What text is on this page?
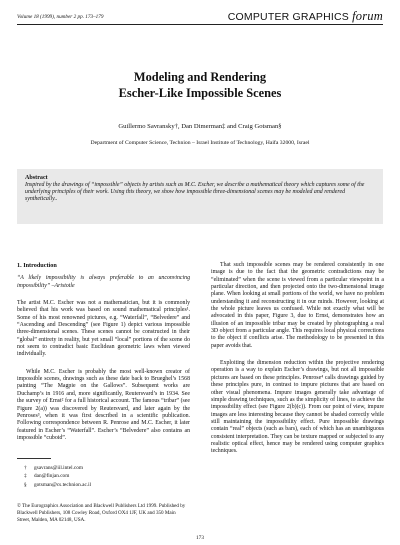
Volume 18 (1999), number 2 pp. 173–179	COMPUTER GRAPHICS forum
Modeling and Rendering
Escher-Like Impossible Scenes
Guillermo Savransky†, Dan Dimerman‡ and Craig Gotsman§
Department of Computer Science, Technion – Israel Institute of Technology, Haifa 32000, Israel
Abstract
Inspired by the drawings of “impossible” objects by artists such as M.C. Escher, we describe a mathematical theory which captures some of the underlying principles of their work. Using this theory, we show how impossible three-dimensional scenes may be modeled and rendered synthetically..

1. Introduction

“A likely impossibility is always preferable to an unconvincing impossibility” –Aristotle

The artist M.C. Escher was not a mathematician, but it is commonly believed that his work was based on sound mathematical principles¹. Some of his most renowned pictures, e.g. “Waterfall”, “Belvedere” and “Ascending and Descending” (see Figure 1) depict various impossible three-dimensional scenes. These scenes cannot be constructed in their “global” entirety in reality, but yet small “local” portions of the scene do not seem to contradict basic Euclidean geometric laws when viewed individually.

While M.C. Escher is probably the most well-known creator of impossible scenes, drawings such as these date back to Brueghel’s 1568 painting “The Magpie on the Gallows”. Subsequent works are Duchamp’s in 1916 and, more significantly, Reutersvard’s in 1934. See the survey of Ernst² for a full historical account. The famous “tribar” (see Figure 2(a)) was discovered by Reutersvard, and later again by the Penroses³, when it was first described in a scientific publication. Following correspondence between R. Penrose and M.C. Escher, it later featured in Escher’s “Waterfall”. Escher’s “Belvedere” also contains an impossible “cuboid”.

That such impossible scenes may be rendered consistently in one image is due to the fact that the geometric contradictions may be “eliminated” when the scene is viewed from a particular viewpoint in a particular direction, and then projected onto the two-dimensional image plane. When looking at small portions of the world, we have no problem understanding it and reconstructing it in our minds. However, looking at the whole picture leaves us confused. While not exactly what will be advocated in this paper, Figure 3, due to Ernst, demonstrates how an illusion of an impossible tribar may be created by photographing a real 3D object from a particular angle. This requires local physical corrections to the object if conflicts arise. The methodology to be presented in this paper avoids that.

Exploiting the dimension reduction within the projective rendering operation is a way to explain Escher’s drawings, but not all impossible pictures are based on these principles. Penrose⁴ calls drawings guided by these principles pure, in contrast to impure pictures that are based on other visual phenomena. Impure images generally take advantage of simple drawing techniques, such as the simplicity of lines, to achieve the impossibility effect (see Figure 2(b)(c)). From our point of view, impure images are less interesting because they cannot be shaded correctly while still maintaining the impossibility effect. Pure impossible drawings contain “real” objects (such as bars), each of which has an unambiguous consistent interpretation. They can be texture mapped or subjected to any realistic optical effect, hence may be rendered using computer graphics techniques.

† gsavrans@iil.intel.com
‡ dan@finjan.com
§ gotsman@cs.technion.ac.il
© The Eurographics Association and Blackwell Publishers Ltd 1999. Published by Blackwell Publishers, 108 Cowley Road, Oxford OX4 1JF, UK and 350 Main Street, Malden, MA 02148, USA.
173
